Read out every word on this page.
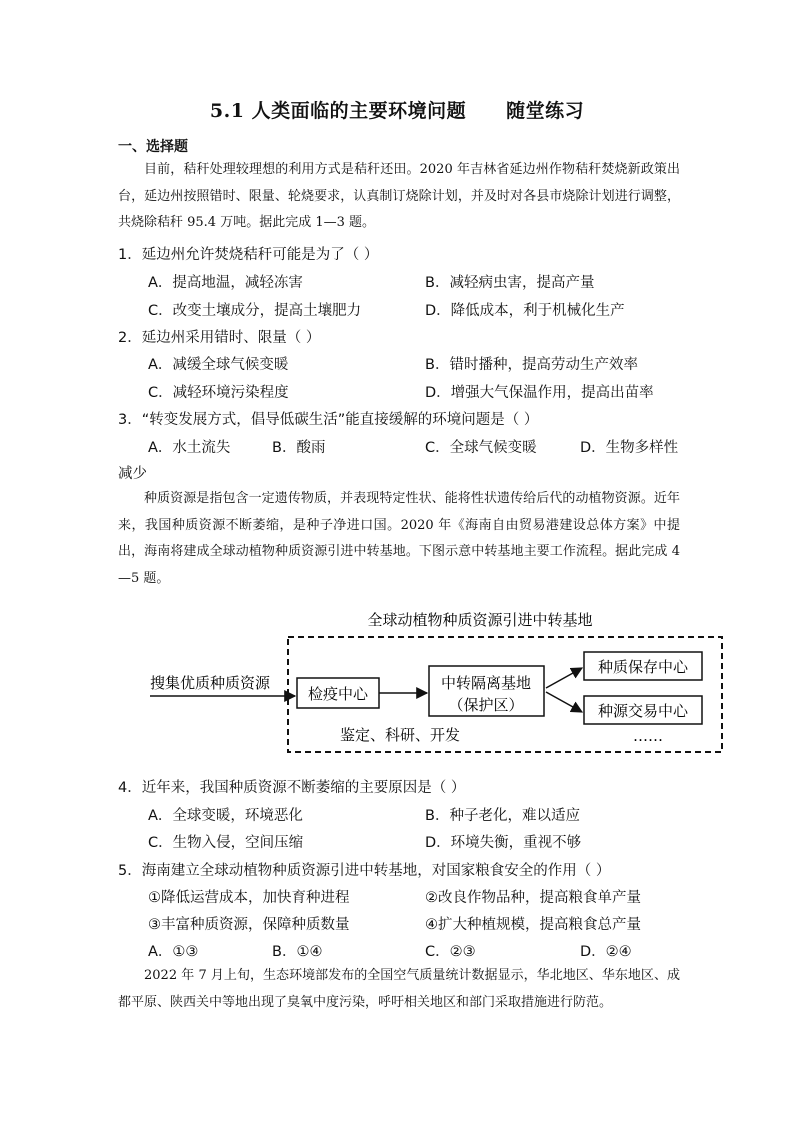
5.1 人类面临的主要环境问题 随堂练习
一、选择题
目前，秸秆处理较理想的利用方式是秸秆还田。2020 年吉林省延边州作物秸秆焚烧新政策出台，延边州按照错时、限量、轮烧要求，认真制订烧除计划，并及时对各县市烧除计划进行调整，共烧除秸秆 95.4 万吨。据此完成 1—3 题。
1．延边州允许焚烧秸秆可能是为了（ ）
A．提高地温，减轻冻害	B．减轻病虫害，提高产量
C．改变土壤成分，提高土壤肥力	D．降低成本，利于机械化生产
2．延边州采用错时、限量（ ）
A．减缓全球气候变暖	B．错时播种，提高劳动生产效率
C．减轻环境污染程度	D．增强大气保温作用，提高出苗率
3．“转变发展方式，倡导低碳生活”能直接缓解的环境问题是（ ）
A．水土流失	B．酸雨	C．全球气候变暖	D．生物多样性
减少
种质资源是指包含一定遗传物质，并表现特定性状、能将性状遗传给后代的动植物资源。近年来，我国种质资源不断萎缩，是种子净进口国。2020 年《海南自由贸易港建设总体方案》中提出，海南将建成全球动植物种质资源引进中转基地。下图示意中转基地主要工作流程。据此完成 4—5 题。
全球动植物种质资源引进中转基地
搜集优质种质资源
检疫中心
中转隔离基地
（保护区）
种质保存中心
种源交易中心
鉴定、科研、开发	……
4．近年来，我国种质资源不断萎缩的主要原因是（ ）
A．全球变暖，环境恶化	B．种子老化，难以适应
C．生物入侵，空间压缩	D．环境失衡，重视不够
5．海南建立全球动植物种质资源引进中转基地，对国家粮食安全的作用（ ）
①降低运营成本，加快育种进程	②改良作物品种，提高粮食单产量
③丰富种质资源，保障种质数量	④扩大种植规模，提高粮食总产量
A．①③	B．①④	C．②③	D．②④
2022 年 7 月上旬，生态环境部发布的全国空气质量统计数据显示，华北地区、华东地区、成都平原、陕西关中等地出现了臭氧中度污染，呼吁相关地区和部门采取措施进行防范。
